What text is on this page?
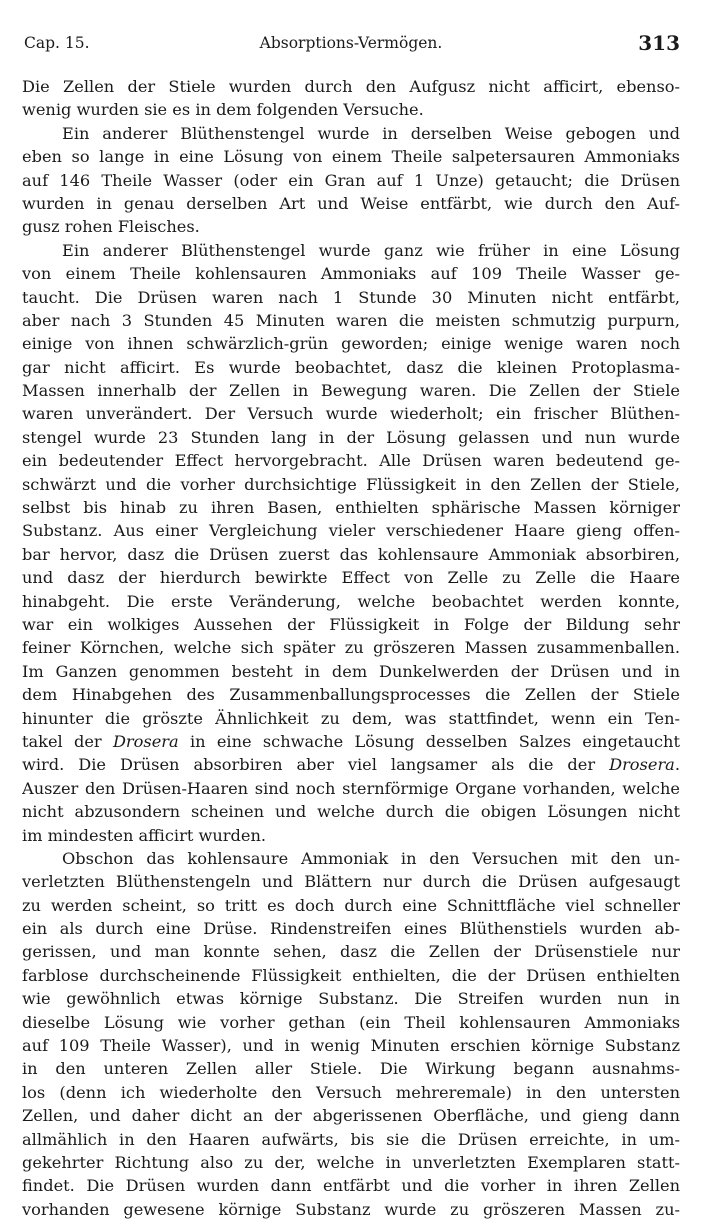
Cap. 15.	Absorptions-Vermögen.	313
Die Zellen der Stiele wurden durch den Aufgusz nicht afficirt, ebenso-
wenig wurden sie es in dem folgenden Versuche.
Ein anderer Blüthenstengel wurde in derselben Weise gebogen und
eben so lange in eine Lösung von einem Theile salpetersauren Ammoniaks
auf 146 Theile Wasser (oder ein Gran auf 1 Unze) getaucht; die Drüsen
wurden in genau derselben Art und Weise entfärbt, wie durch den Auf-
gusz rohen Fleisches.
Ein anderer Blüthenstengel wurde ganz wie früher in eine Lösung
von einem Theile kohlensauren Ammoniaks auf 109 Theile Wasser ge-
taucht. Die Drüsen waren nach 1 Stunde 30 Minuten nicht entfärbt,
aber nach 3 Stunden 45 Minuten waren die meisten schmutzig purpurn,
einige von ihnen schwärzlich-grün geworden; einige wenige waren noch
gar nicht afficirt. Es wurde beobachtet, dasz die kleinen Protoplasma-
Massen innerhalb der Zellen in Bewegung waren. Die Zellen der Stiele
waren unverändert. Der Versuch wurde wiederholt; ein frischer Blüthen-
stengel wurde 23 Stunden lang in der Lösung gelassen und nun wurde
ein bedeutender Effect hervorgebracht. Alle Drüsen waren bedeutend ge-
schwärzt und die vorher durchsichtige Flüssigkeit in den Zellen der Stiele,
selbst bis hinab zu ihren Basen, enthielten sphärische Massen körniger
Substanz. Aus einer Vergleichung vieler verschiedener Haare gieng offen-
bar hervor, dasz die Drüsen zuerst das kohlensaure Ammoniak absorbiren,
und dasz der hierdurch bewirkte Effect von Zelle zu Zelle die Haare
hinabgeht. Die erste Veränderung, welche beobachtet werden konnte,
war ein wolkiges Aussehen der Flüssigkeit in Folge der Bildung sehr
feiner Körnchen, welche sich später zu gröszeren Massen zusammenballen.
Im Ganzen genommen besteht in dem Dunkelwerden der Drüsen und in
dem Hinabgehen des Zusammenballungsprocesses die Zellen der Stiele
hinunter die gröszte Ähnlichkeit zu dem, was stattfindet, wenn ein Ten-
takel der Drosera in eine schwache Lösung desselben Salzes eingetaucht
wird. Die Drüsen absorbiren aber viel langsamer als die der Drosera.
Auszer den Drüsen-Haaren sind noch sternförmige Organe vorhanden, welche
nicht abzusondern scheinen und welche durch die obigen Lösungen nicht
im mindesten afficirt wurden.
Obschon das kohlensaure Ammoniak in den Versuchen mit den un-
verletzten Blüthenstengeln und Blättern nur durch die Drüsen aufgesaugt
zu werden scheint, so tritt es doch durch eine Schnittfläche viel schneller
ein als durch eine Drüse. Rindenstreifen eines Blüthenstiels wurden ab-
gerissen, und man konnte sehen, dasz die Zellen der Drüsenstiele nur
farblose durchscheinende Flüssigkeit enthielten, die der Drüsen enthielten
wie gewöhnlich etwas körnige Substanz. Die Streifen wurden nun in
dieselbe Lösung wie vorher gethan (ein Theil kohlensauren Ammoniaks
auf 109 Theile Wasser), und in wenig Minuten erschien körnige Substanz
in den unteren Zellen aller Stiele. Die Wirkung begann ausnahms-
los (denn ich wiederholte den Versuch mehreremale) in den untersten
Zellen, und daher dicht an der abgerissenen Oberfläche, und gieng dann
allmählich in den Haaren aufwärts, bis sie die Drüsen erreichte, in um-
gekehrter Richtung also zu der, welche in unverletzten Exemplaren statt-
findet. Die Drüsen wurden dann entfärbt und die vorher in ihren Zellen
vorhanden gewesene körnige Substanz wurde zu gröszeren Massen zu-
